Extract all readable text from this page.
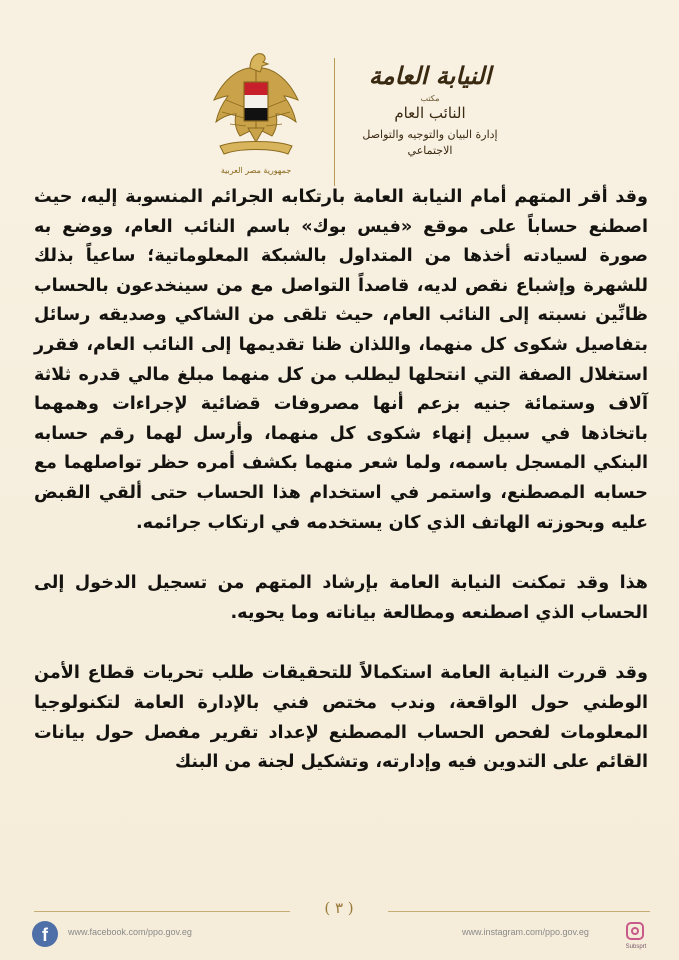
جمهورية مصر العربية
النيابة العامة
مكتب
النائب العام
إدارة البيان والتوجيه والتواصل الاجتماعي

وقد أقر المتهم أمام النيابة العامة بارتكابه الجرائم المنسوبة إليه، حيث اصطنع حساباً على موقع «فيس بوك» باسم النائب العام، ووضع به صورة لسيادته أخذها من المتداول بالشبكة المعلوماتية؛ ساعياً بذلك للشهرة وإشباع نقص لديه، قاصداً التواصل مع من سينخدعون بالحساب ظانِّين نسبته إلى النائب العام، حيث تلقى من الشاكي وصديقه رسائل بتفاصيل شكوى كل منهما، واللذان ظنا تقديمها إلى النائب العام، فقرر استغلال الصفة التي انتحلها ليطلب من كل منهما مبلغ مالي قدره ثلاثة آلاف وستمائة جنيه بزعم أنها مصروفات قضائية لإجراءات وهمهما باتخاذها في سبيل إنهاء شكوى كل منهما، وأرسل لهما رقم حسابه البنكي المسجل باسمه، ولما شعر منهما بكشف أمره حظر تواصلهما مع حسابه المصطنع، واستمر في استخدام هذا الحساب حتى ألقي القبض عليه وبحوزته الهاتف الذي كان يستخدمه في ارتكاب جرائمه.

هذا وقد تمكنت النيابة العامة بإرشاد المتهم من تسجيل الدخول إلى الحساب الذي اصطنعه ومطالعة بياناته وما يحويه.

وقد قررت النيابة العامة استكمالاً للتحقيقات طلب تحريات قطاع الأمن الوطني حول الواقعة، وندب مختص فني بالإدارة العامة لتكنولوجيا المعلومات لفحص الحساب المصطنع لإعداد تقرير مفصل حول بيانات القائم على التدوين فيه وإدارته، وتشكيل لجنة من البنك

( ٣ )
f	www.facebook.com/ppo.gov.eg	www.instagram.com/ppo.gov.eg
Subsprt
